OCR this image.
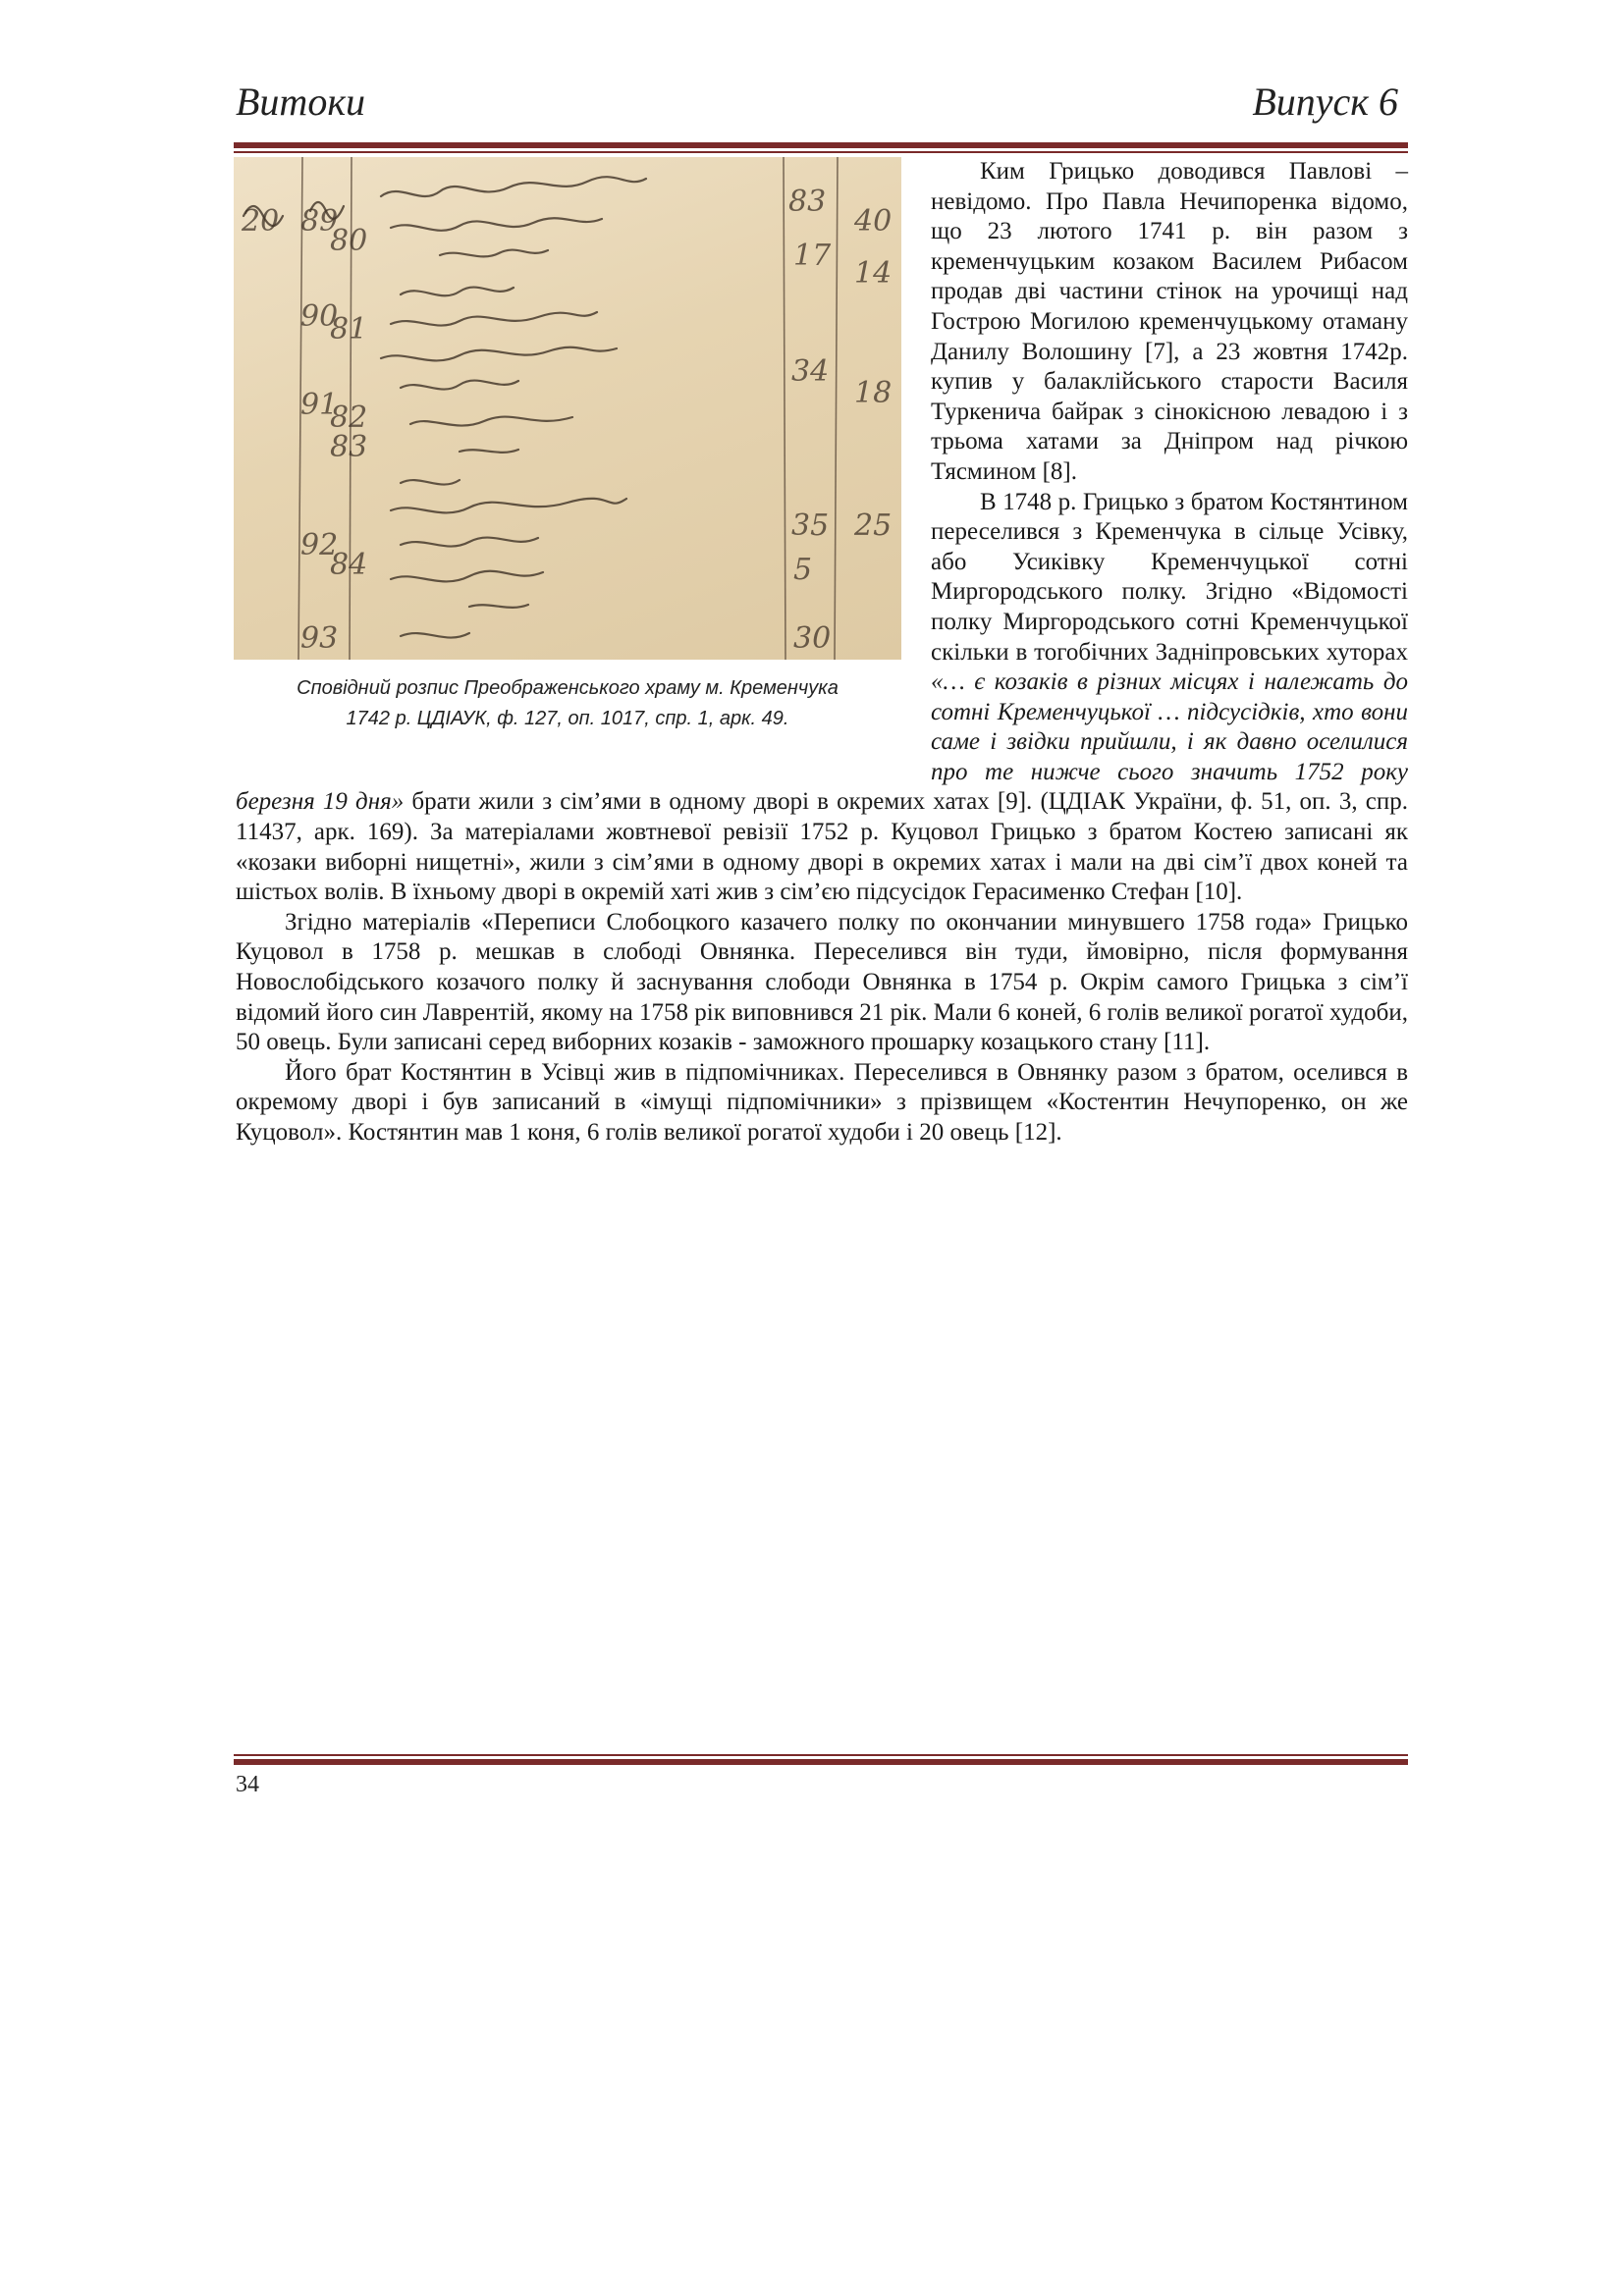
Витоки	Випуск 6
20 89
80
90
81
91
82
83
92
84
93
83
40
17
14
34
18
35 25
5
30
Сповідний розпис Преображенського храму м. Кременчука
1742 р. ЦДІАУК, ф. 127, оп. 1017, спр. 1, арк. 49.

Ким Грицько доводився Павлові – невідомо. Про Павла Нечипоренка відомо, що 23 лютого 1741 р. він разом з кременчуцьким козаком Василем Рибасом продав дві частини стінок на урочищі над Гострою Могилою кременчуцькому отаману Данилу Волошину [7], а 23 жовтня 1742р. купив у балаклійського старости Василя Туркенича байрак з сінокісною левадою і з трьома хатами за Дніпром над річкою Тясмином [8].

В 1748 р. Грицько з братом Костянтином переселився з Кременчука в сільце Усівку, або Усиківку Кременчуцької сотні Миргородського полку. Згідно «Відомості полку Миргородського сотні Кременчуцької скільки в тогобічних Задніпровських хуторах «… є козаків в різних місцях і належать до сотні Кременчуцької … підсусідків, хто вони саме і звідки прийшли, і як давно оселилися про те нижче сього значить 1752 року березня 19 дня» брати жили з сім’ями в одному дворі в окремих хатах [9]. (ЦДІАК України, ф. 51, оп. 3, спр. 11437, арк. 169). За матеріалами жовтневої ревізії 1752 р. Куцовол Грицько з братом Костею записані як «козаки виборні нищетні», жили з сім’ями в одному дворі в окремих хатах і мали на дві сім’ї двох коней та шістьох волів. В їхньому дворі в окремій хаті жив з сім’єю підсусідок Герасименко Стефан [10].

Згідно матеріалів «Переписи Слобоцкого казачего полку по окончании минувшего 1758 года» Грицько Куцовол в 1758 р. мешкав в слободі Овнянка. Переселився він туди, ймовірно, після формування Новослобідського козачого полку й заснування слободи Овнянка в 1754 р. Окрім самого Грицька з сім’ї відомий його син Лаврентій, якому на 1758 рік виповнився 21 рік. Мали 6 коней, 6 голів великої рогатої худоби, 50 овець. Були записані серед виборних козаків - заможного прошарку козацького стану [11].

Його брат Костянтин в Усівці жив в підпомічниках. Переселився в Овнянку разом з братом, оселився в окремому дворі і був записаний в «імущі підпомічники» з прізвищем «Костентин Нечупоренко, он же Куцовол». Костянтин мав 1 коня, 6 голів великої рогатої худоби і 20 овець [12].

34
